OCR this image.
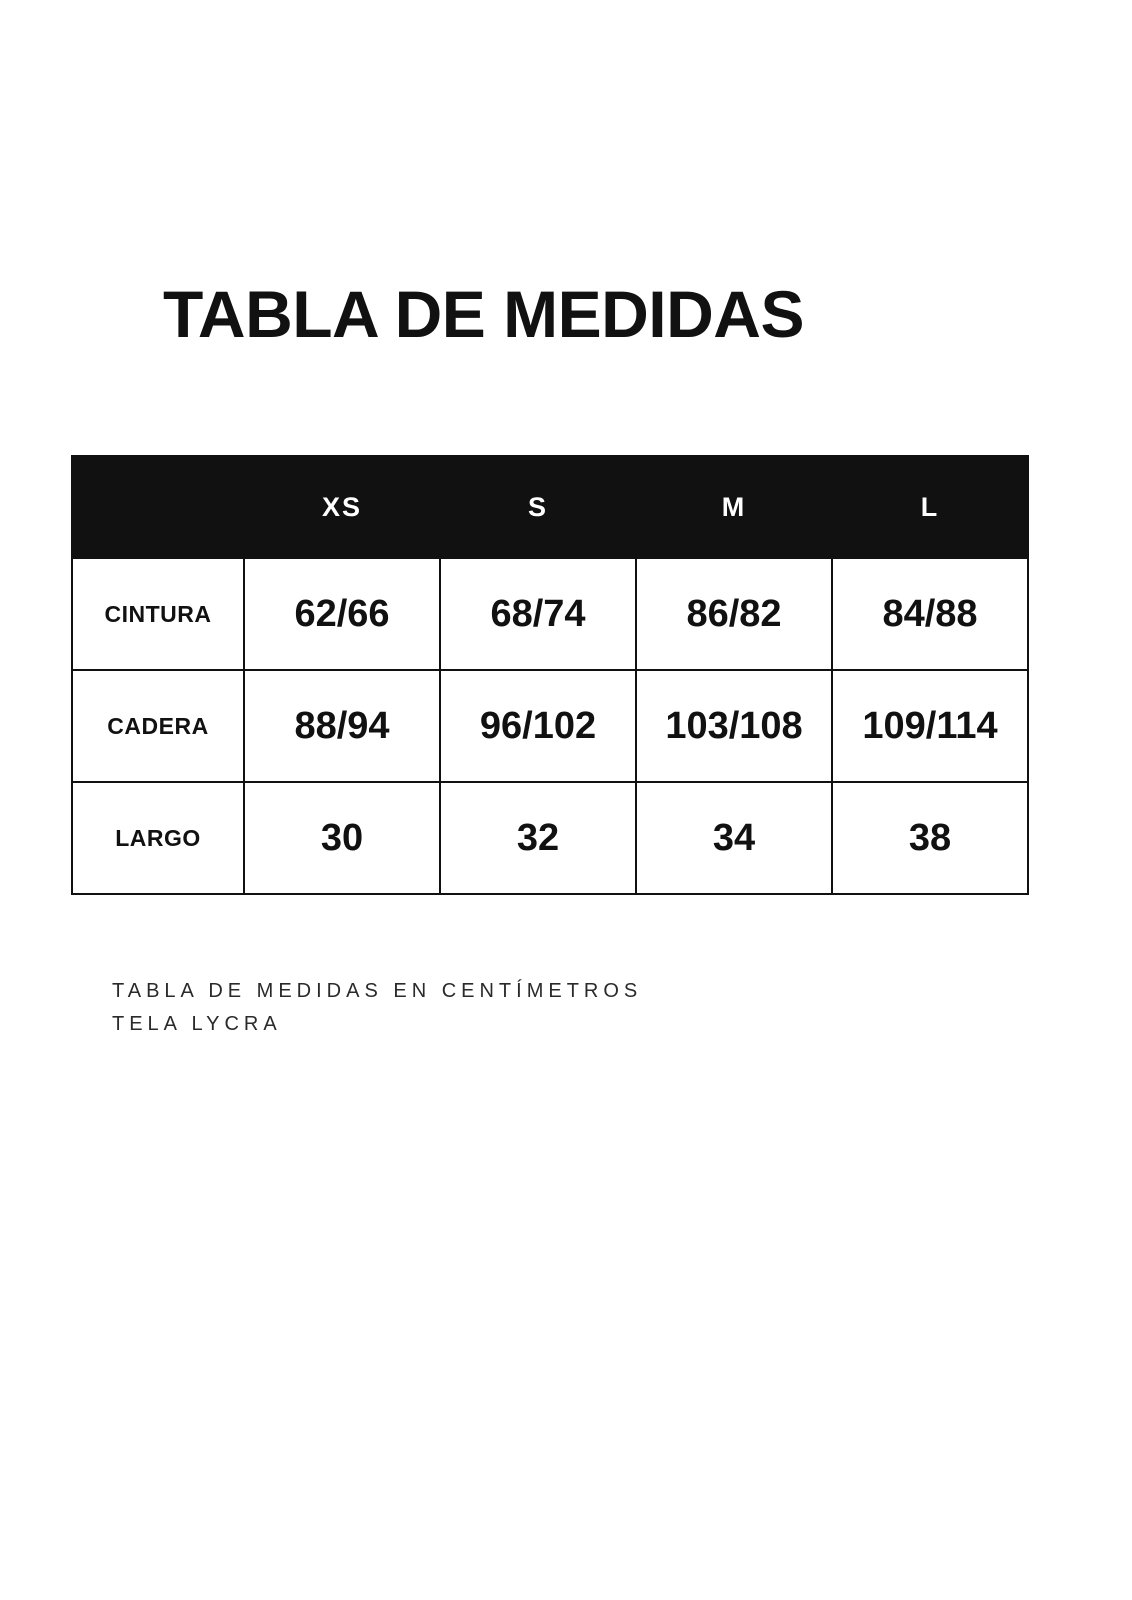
TABLA DE MEDIDAS
	XS	S	M	L
CINTURA	62/66	68/74	86/82	84/88
CADERA	88/94	96/102	103/108	109/114
LARGO	30	32	34	38
TABLA DE MEDIDAS EN CENTÍMETROS
TELA LYCRA
